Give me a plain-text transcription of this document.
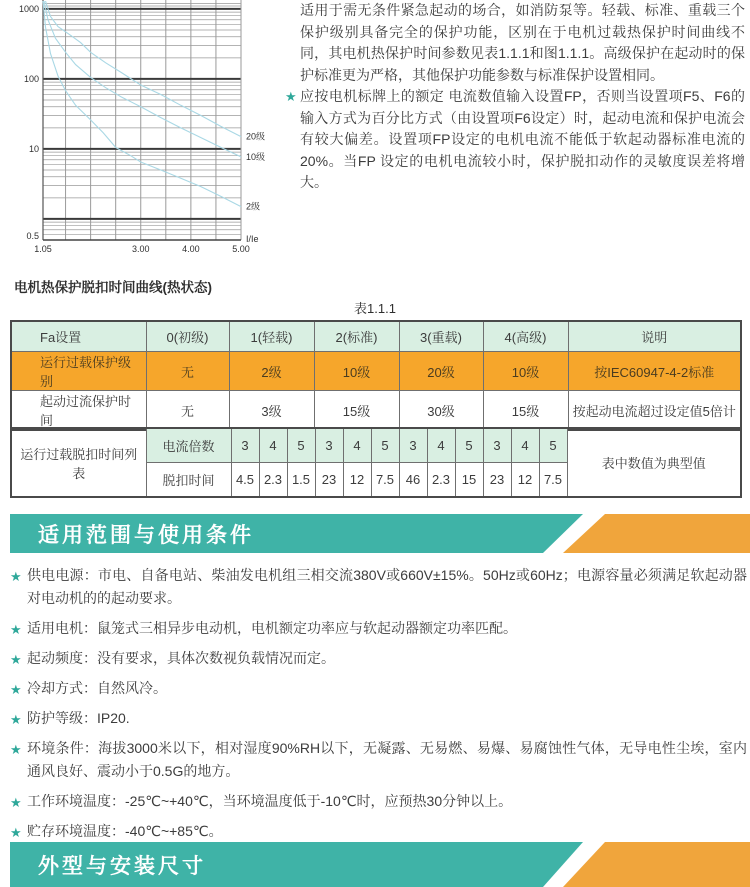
20级
10级
2级
1000
100
10
0.5
1.05	3.00	4.00	5.00
I/Ie

适用于需无条件紧急起动的场合，如消防泵等。轻载、标准、重载三个保护级别具备完全的保护功能，区别在于电机过载热保护时间曲线不同，其电机热保护时间参数见表1.1.1和图1.1.1。高级保护在起动时的保护标准更为严格，其他保护功能参数与标准保护设置相同。

★ 应按电机标牌上的额定 电流数值输入设置FP，否则当设置项F5、F6的输入方式为百分比方式（由设置项F6设定）时，起动电流和保护电流会有较大偏差。设置项FP设定的电机电流不能低于软起动器标准电流的20%。当FP 设定的电机电流较小时，保护脱扣动作的灵敏度误差将增大。
电机热保护脱扣时间曲线(热状态)
表1.1.1
Fa设置	0(初级)	1(轻载)	2(标准)	3(重载)	4(高级)	说明
运行过载保护级别	无	2级	10级	20级	10级	按IEC60947-4-2标准
起动过流保护时间	无	3级	15级	30级	15级	按起动电流超过设定值5倍计
运行过载脱扣时间列表	电流倍数	3	4	5	3	4	5	3	4	5	3	4	5	表中数值为典型值
	脱扣时间	4.5	2.3	1.5	23	12	7.5	46	2.3	15	23	12	7.5	
适用范围与使用条件
★ 供电电源：市电、自备电站、柴油发电机组三相交流380V或660V±15%。50Hz或60Hz；电源容量必须满足软起动器对电动机的的起动要求。
★ 适用电机：鼠笼式三相异步电动机，电机额定功率应与软起动器额定功率匹配。
★ 起动频度：没有要求，具体次数视负载情况而定。
★ 冷却方式：自然风冷。
★ 防护等级：IP20.
★ 环境条件：海拔3000米以下，相对湿度90%RH以下，无凝露、无易燃、易爆、易腐蚀性气体，无导电性尘埃，室内通风良好、震动小于0.5G的地方。
★ 工作环境温度：-25℃~+40℃，当环境温度低于-10℃时，应预热30分钟以上。
★ 贮存环境温度：-40℃~+85℃。
外型与安装尺寸
